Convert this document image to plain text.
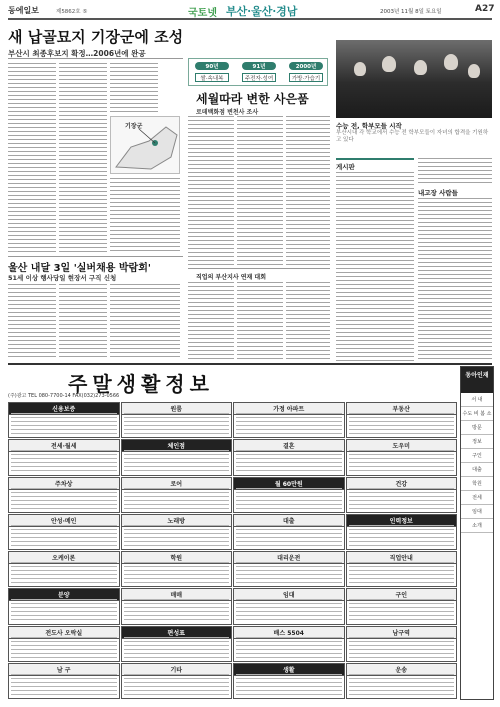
동에일보	제5862호 ⑤	국토넷 부산·울산·경남	2003년 11월 8일 토요일	A27
새 납골묘지 기장군에 조성
부산시 최종후보지 확정…2006년에 완공
기장군
90년
쌀·속내복
91년
주전자·성여
2000년
가방·가습기
세월따라 변한 사은품
로데백화점 변천사 조사
수능 전, 학부모들 시작
부산시내 각 학교에서 수능 전 학부모들이 자녀의 합격을 기원하고 있다
게시판
내고장 사람들
울산 내달 3일 '실버채용 박람회'
51세 이상 행사당일 현장서 구직 신청	직업의 부산지사 연재 대회
주말생활정보
(주)광고 TEL 080-7700-14 FAX(032)273-0566
신용보증	원룸	가정 아파트	부동산
전세·월세	체인점	결혼	도우미
주차상	로어	월 60만원	건강
안성·메인	노래방	대출	인력정보
오케이론	학원	대리운전	직업안내
분양	매매	임대	구인
전도사 오락실	편성표	배스 5504	남구역
남 구	기타	생활	운송
동아인재
서 내
수도 비 봄 소
방문
정보
구인
대출
학원
전세
임대
소개
